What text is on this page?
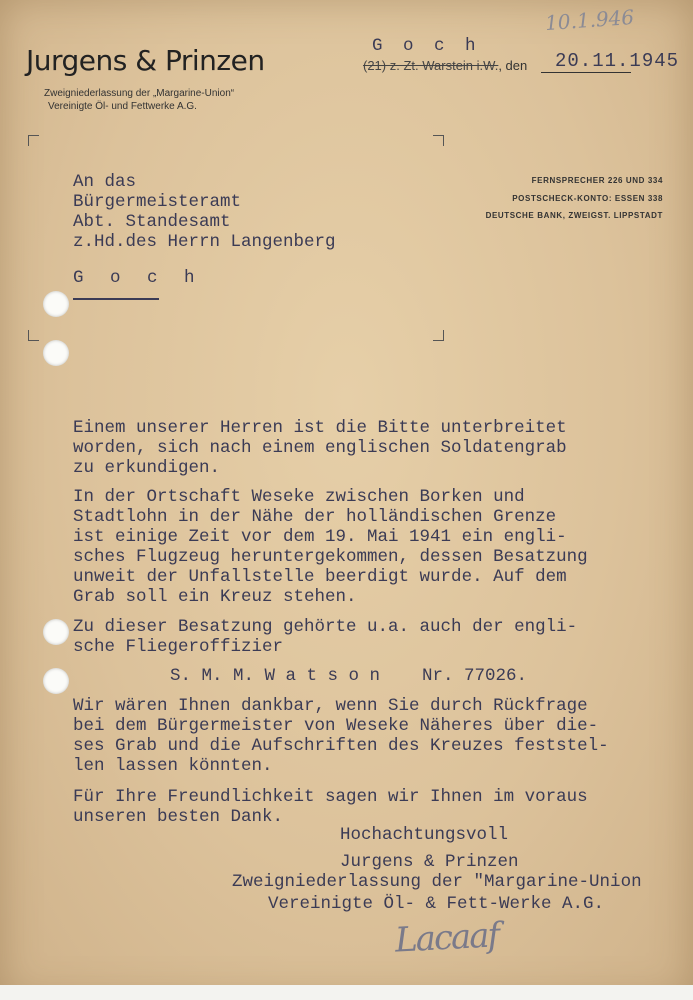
Jurgens & Prinzen
Zweigniederlassung der „Margarine-Union“
Vereinigte Öl- und Fettwerke A.G.
10.1.946
G o c h
(21) z. Zt. Warstein i.W., den 20.11.1945
FERNSPRECHER 226 UND 334
POSTSCHECK-KONTO: ESSEN 338
DEUTSCHE BANK, ZWEIGST. LIPPSTADT
An das
Bürgermeisteramt
Abt. Standesamt
z.Hd.des Herrn Langenberg
G o c h
Einem unserer Herren ist die Bitte unterbreitet
worden, sich nach einem englischen Soldatengrab
zu erkundigen.
In der Ortschaft Weseke zwischen Borken und
Stadtlohn in der Nähe der holländischen Grenze
ist einige Zeit vor dem 19. Mai 1941 ein engli-
sches Flugzeug heruntergekommen, dessen Besatzung
unweit der Unfallstelle beerdigt wurde. Auf dem
Grab soll ein Kreuz stehen.
Zu dieser Besatzung gehörte u.a. auch der engli-
sche Fliegeroffizier
S. M. M. W a t s o n    Nr. 77026.
Wir wären Ihnen dankbar, wenn Sie durch Rückfrage
bei dem Bürgermeister von Weseke Näheres über die-
ses Grab und die Aufschriften des Kreuzes feststel-
len lassen könnten.
Für Ihre Freundlichkeit sagen wir Ihnen im voraus
unseren besten Dank.
Hochachtungsvoll
Jurgens & Prinzen
Zweigniederlassung der "Margarine-Union
Vereinigte Öl- & Fett-Werke A.G.
Lacaaf
